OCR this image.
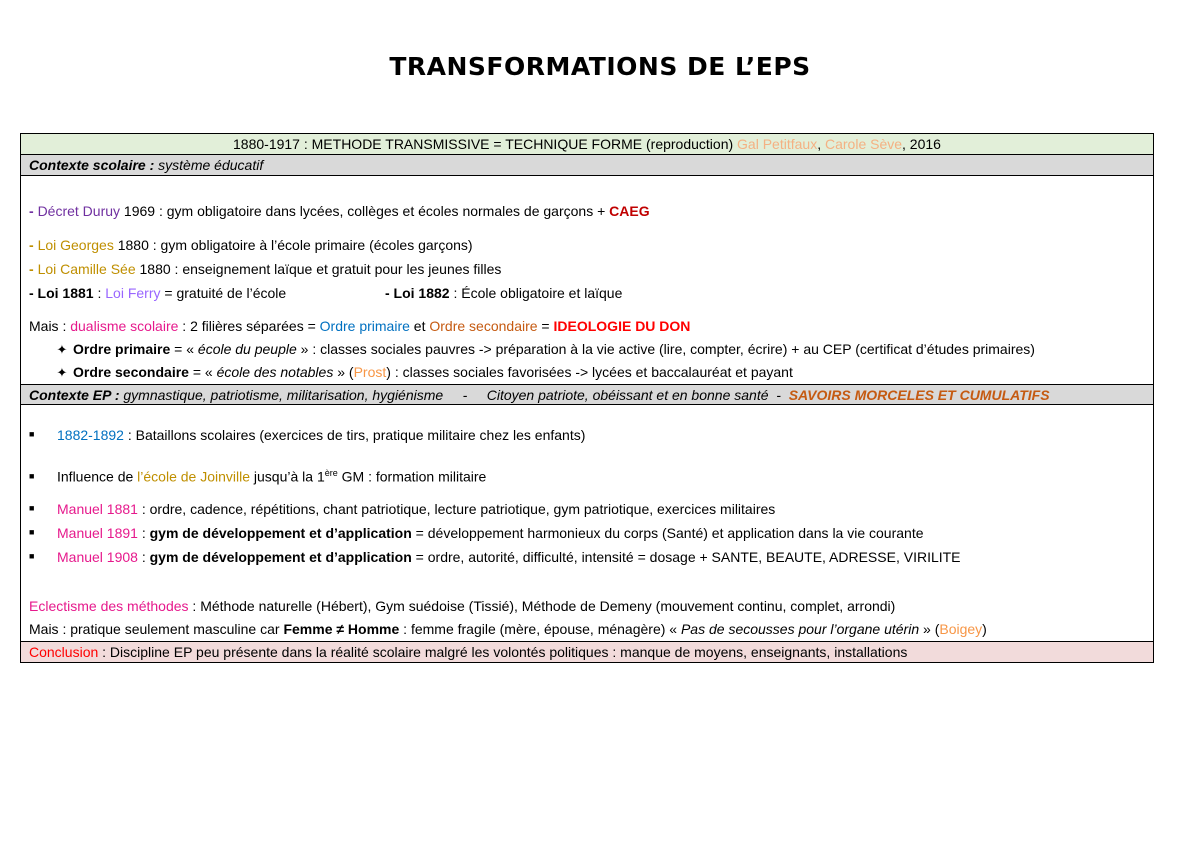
TRANSFORMATIONS DE L’EPS
1880-1917 : METHODE TRANSMISSIVE = TECHNIQUE FORME (reproduction) Gal Petitfaux, Carole Sève, 2016
Contexte scolaire : système éducatif
- Décret Duruy 1969 : gym obligatoire dans lycées, collèges et écoles normales de garçons + CAEG
- Loi Georges 1880 : gym obligatoire à l’école primaire (écoles garçons)
- Loi Camille Sée 1880 : enseignement laïque et gratuit pour les jeunes filles
- Loi 1881 : Loi Ferry = gratuité de l’école	- Loi 1882 : École obligatoire et laïque
Mais : dualisme scolaire : 2 filières séparées = Ordre primaire et Ordre secondaire = IDEOLOGIE DU DON
✦ Ordre primaire = « école du peuple » : classes sociales pauvres -> préparation à la vie active (lire, compter, écrire) + au CEP (certificat d’études primaires)
✦ Ordre secondaire = « école des notables » (Prost) : classes sociales favorisées -> lycées et baccalauréat et payant
Contexte EP : gymnastique, patriotisme, militarisation, hygiénisme     -     Citoyen patriote, obéissant et en bonne santé  -  SAVOIRS MORCELES ET CUMULATIFS
■ 1882-1892 : Bataillons scolaires (exercices de tirs, pratique militaire chez les enfants)
■ Influence de l’école de Joinville jusqu’à la 1ère GM : formation militaire
■ Manuel 1881 : ordre, cadence, répétitions, chant patriotique, lecture patriotique, gym patriotique, exercices militaires
■ Manuel 1891 : gym de développement et d’application = développement harmonieux du corps (Santé) et application dans la vie courante
■ Manuel 1908 : gym de développement et d’application = ordre, autorité, difficulté, intensité = dosage + SANTE, BEAUTE, ADRESSE, VIRILITE
Eclectisme des méthodes : Méthode naturelle (Hébert), Gym suédoise (Tissié), Méthode de Demeny (mouvement continu, complet, arrondi)
Mais : pratique seulement masculine car Femme ≠ Homme : femme fragile (mère, épouse, ménagère) « Pas de secousses pour l’organe utérin » (Boigey)
Conclusion : Discipline EP peu présente dans la réalité scolaire malgré les volontés politiques : manque de moyens, enseignants, installations
